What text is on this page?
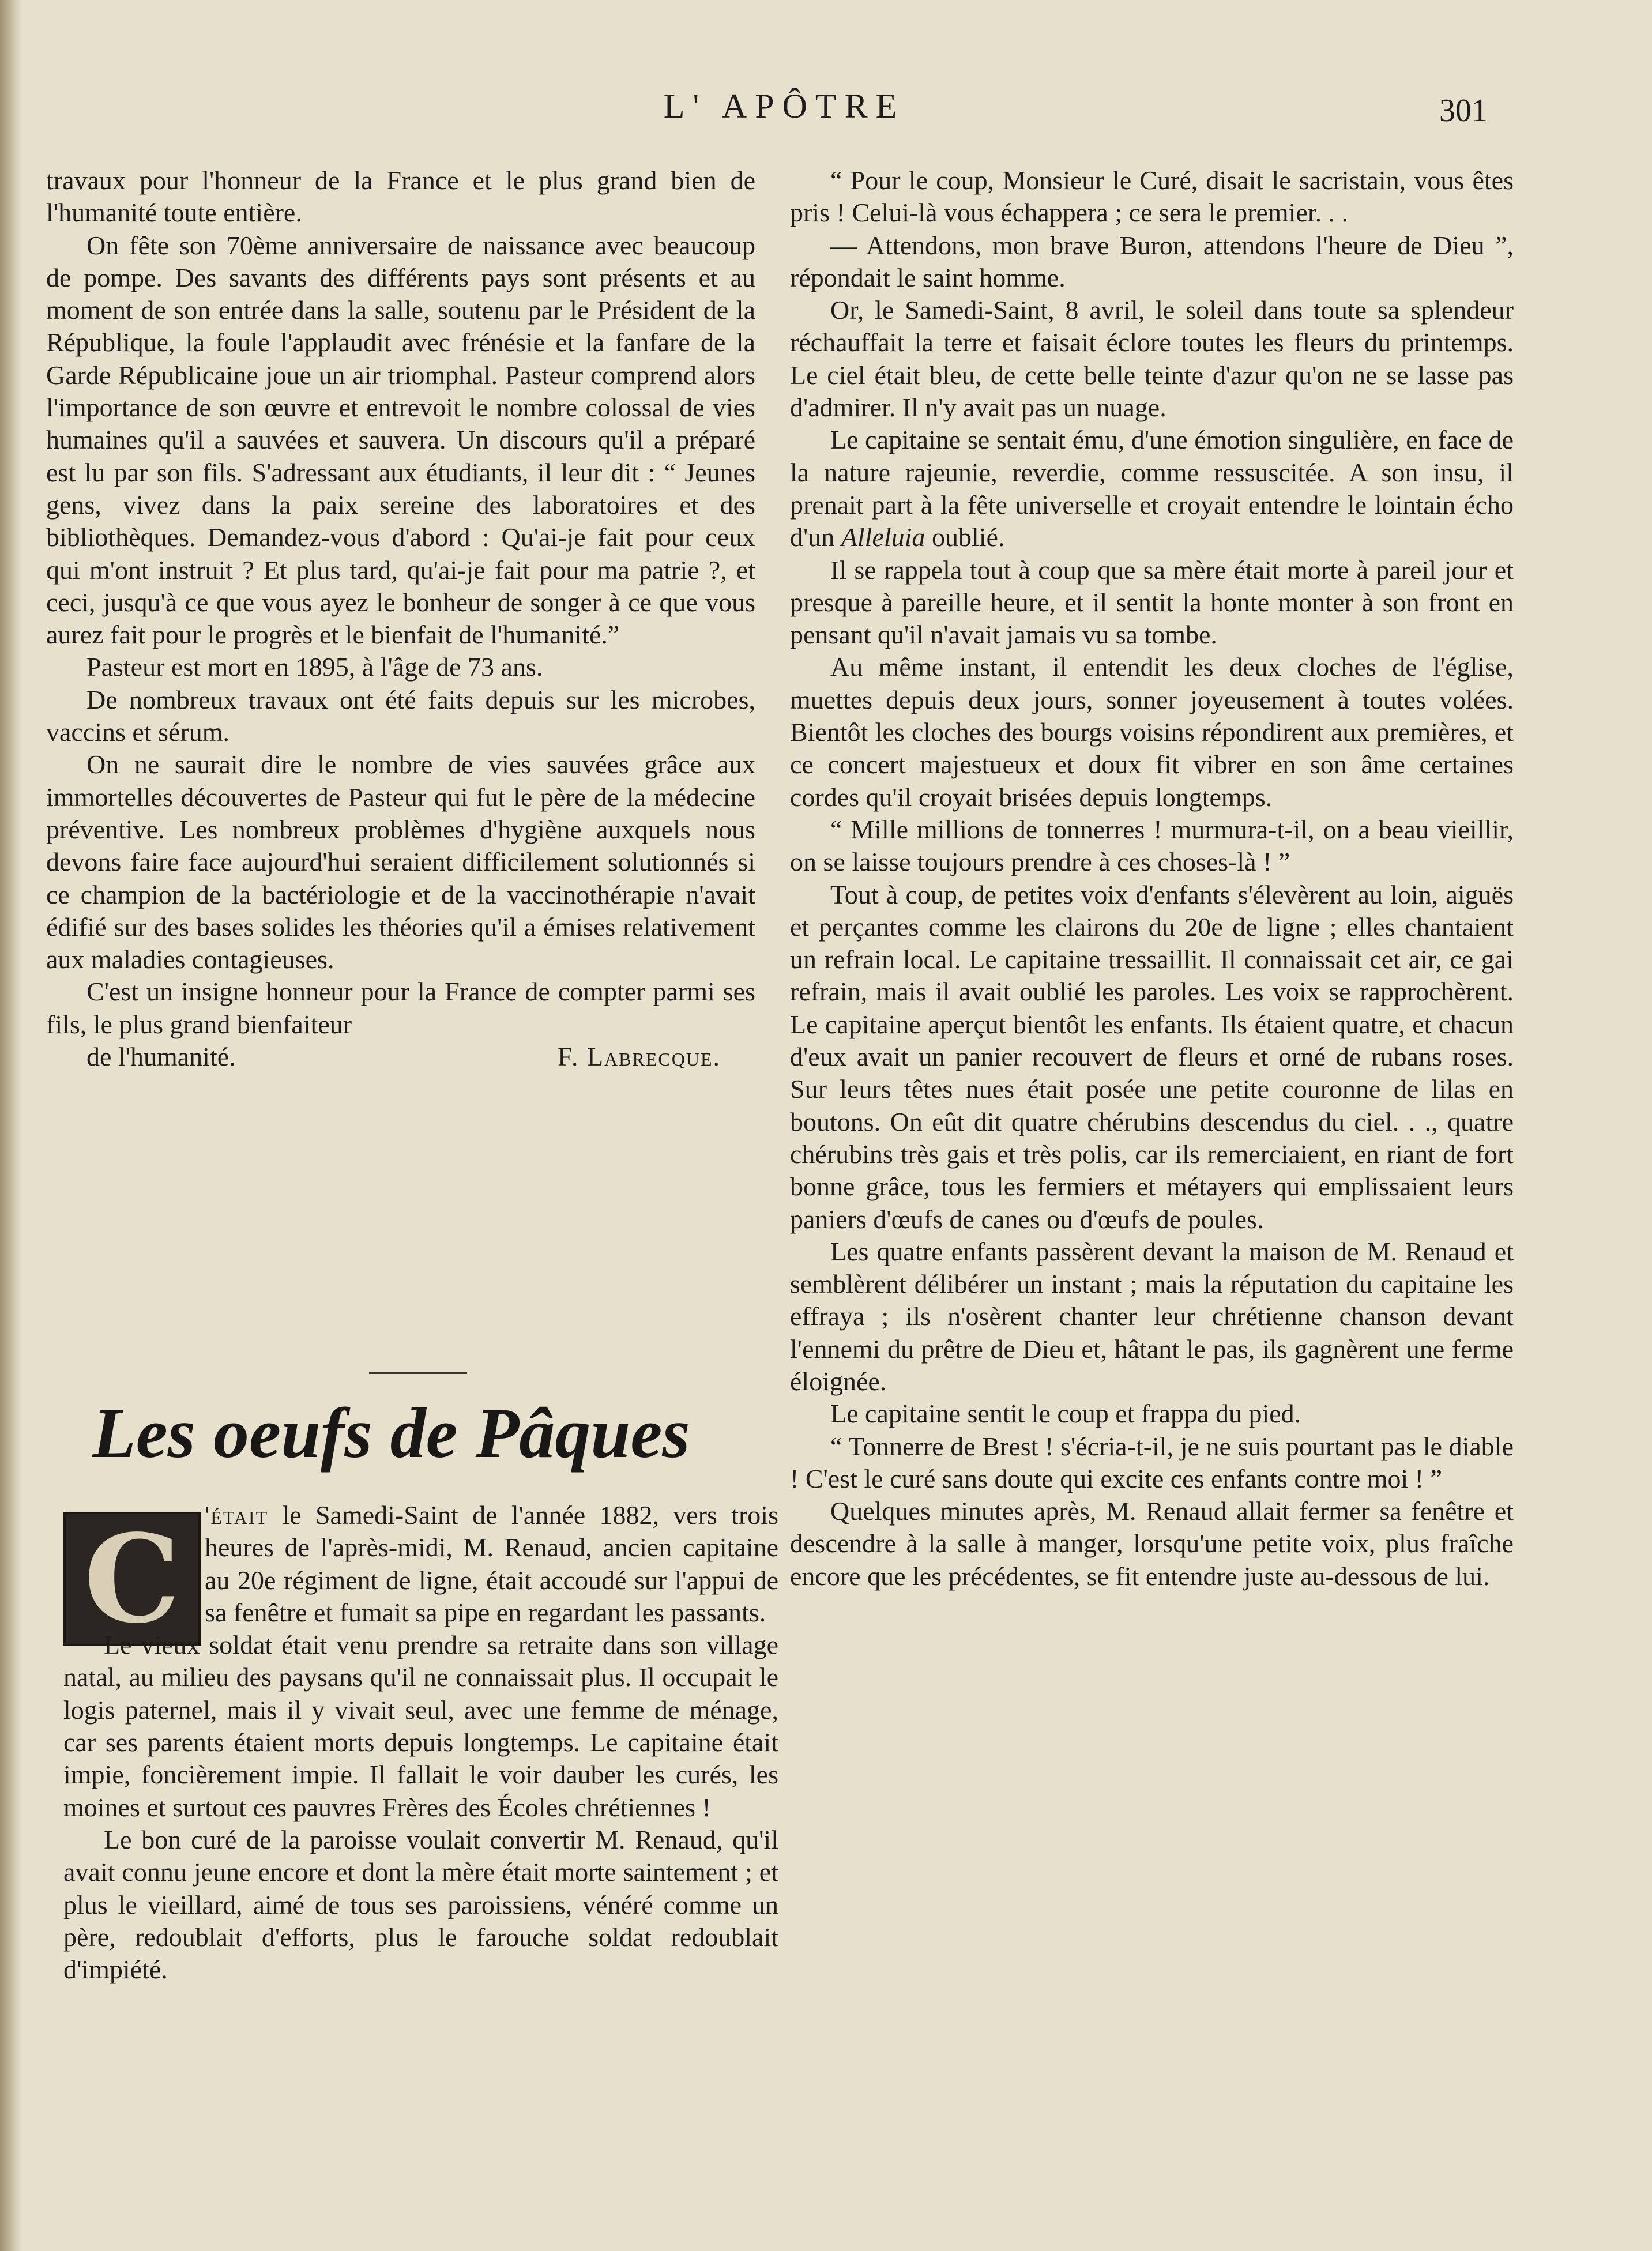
L' APÔTRE	301

travaux pour l'honneur de la France et le plus grand bien de l'humanité toute entière.

On fête son 70ème anniversaire de naissance avec beaucoup de pompe. Des savants des différents pays sont présents et au moment de son entrée dans la salle, soutenu par le Président de la République, la foule l'applaudit avec frénésie et la fanfare de la Garde Républicaine joue un air triomphal. Pasteur comprend alors l'importance de son œuvre et entrevoit le nombre colossal de vies humaines qu'il a sauvées et sauvera. Un discours qu'il a préparé est lu par son fils. S'adressant aux étudiants, il leur dit : “ Jeunes gens, vivez dans la paix sereine des laboratoires et des bibliothèques. Demandez-vous d'abord : Qu'ai-je fait pour ceux qui m'ont instruit ? Et plus tard, qu'ai-je fait pour ma patrie ?, et ceci, jusqu'à ce que vous ayez le bonheur de songer à ce que vous aurez fait pour le progrès et le bienfait de l'humanité.”

Pasteur est mort en 1895, à l'âge de 73 ans.

De nombreux travaux ont été faits depuis sur les microbes, vaccins et sérum.

On ne saurait dire le nombre de vies sauvées grâce aux immortelles découvertes de Pasteur qui fut le père de la médecine préventive. Les nombreux problèmes d'hygiène auxquels nous devons faire face aujourd'hui seraient difficilement solutionnés si ce champion de la bactériologie et de la vaccinothérapie n'avait édifié sur des bases solides les théories qu'il a émises relativement aux maladies contagieuses.

C'est un insigne honneur pour la France de compter parmi ses fils, le plus grand bienfaiteur

de l'humanité.	F. Labrecque.

Les oeufs de Pâques
C 'était le Samedi-Saint de l'année 1882, vers trois heures de l'après-midi, M. Renaud, ancien capitaine au 20e régiment de ligne, était accoudé sur l'appui de sa fenêtre et fumait sa pipe en regardant les passants.

Le vieux soldat était venu prendre sa retraite dans son village natal, au milieu des paysans qu'il ne connaissait plus. Il occupait le logis paternel, mais il y vivait seul, avec une femme de ménage, car ses parents étaient morts depuis longtemps. Le capitaine était impie, foncièrement impie. Il fallait le voir dauber les curés, les moines et surtout ces pauvres Frères des Écoles chrétiennes !

Le bon curé de la paroisse voulait convertir M. Renaud, qu'il avait connu jeune encore et dont la mère était morte saintement ; et plus le vieillard, aimé de tous ses paroissiens, vénéré comme un père, redoublait d'efforts, plus le farouche soldat redoublait d'impiété.

“ Pour le coup, Monsieur le Curé, disait le sacristain, vous êtes pris ! Celui-là vous échappera ; ce sera le premier. . .

— Attendons, mon brave Buron, attendons l'heure de Dieu ”, répondait le saint homme.

Or, le Samedi-Saint, 8 avril, le soleil dans toute sa splendeur réchauffait la terre et faisait éclore toutes les fleurs du printemps. Le ciel était bleu, de cette belle teinte d'azur qu'on ne se lasse pas d'admirer. Il n'y avait pas un nuage.

Le capitaine se sentait ému, d'une émotion singulière, en face de la nature rajeunie, reverdie, comme ressuscitée. A son insu, il prenait part à la fête universelle et croyait entendre le lointain écho d'un Alleluia oublié.

Il se rappela tout à coup que sa mère était morte à pareil jour et presque à pareille heure, et il sentit la honte monter à son front en pensant qu'il n'avait jamais vu sa tombe.

Au même instant, il entendit les deux cloches de l'église, muettes depuis deux jours, sonner joyeusement à toutes volées. Bientôt les cloches des bourgs voisins répondirent aux premières, et ce concert majestueux et doux fit vibrer en son âme certaines cordes qu'il croyait brisées depuis longtemps.

“ Mille millions de tonnerres ! murmura-t-il, on a beau vieillir, on se laisse toujours prendre à ces choses-là ! ”

Tout à coup, de petites voix d'enfants s'élevèrent au loin, aiguës et perçantes comme les clairons du 20e de ligne ; elles chantaient un refrain local. Le capitaine tressaillit. Il connaissait cet air, ce gai refrain, mais il avait oublié les paroles. Les voix se rapprochèrent. Le capitaine aperçut bientôt les enfants. Ils étaient quatre, et chacun d'eux avait un panier recouvert de fleurs et orné de rubans roses. Sur leurs têtes nues était posée une petite couronne de lilas en boutons. On eût dit quatre chérubins descendus du ciel. . ., quatre chérubins très gais et très polis, car ils remerciaient, en riant de fort bonne grâce, tous les fermiers et métayers qui emplissaient leurs paniers d'œufs de canes ou d'œufs de poules.

Les quatre enfants passèrent devant la maison de M. Renaud et semblèrent délibérer un instant ; mais la réputation du capitaine les effraya ; ils n'osèrent chanter leur chrétienne chanson devant l'ennemi du prêtre de Dieu et, hâtant le pas, ils gagnèrent une ferme éloignée.

Le capitaine sentit le coup et frappa du pied.

“ Tonnerre de Brest ! s'écria-t-il, je ne suis pourtant pas le diable ! C'est le curé sans doute qui excite ces enfants contre moi ! ”

Quelques minutes après, M. Renaud allait fermer sa fenêtre et descendre à la salle à manger, lorsqu'une petite voix, plus fraîche encore que les précédentes, se fit entendre juste au-dessous de lui.
